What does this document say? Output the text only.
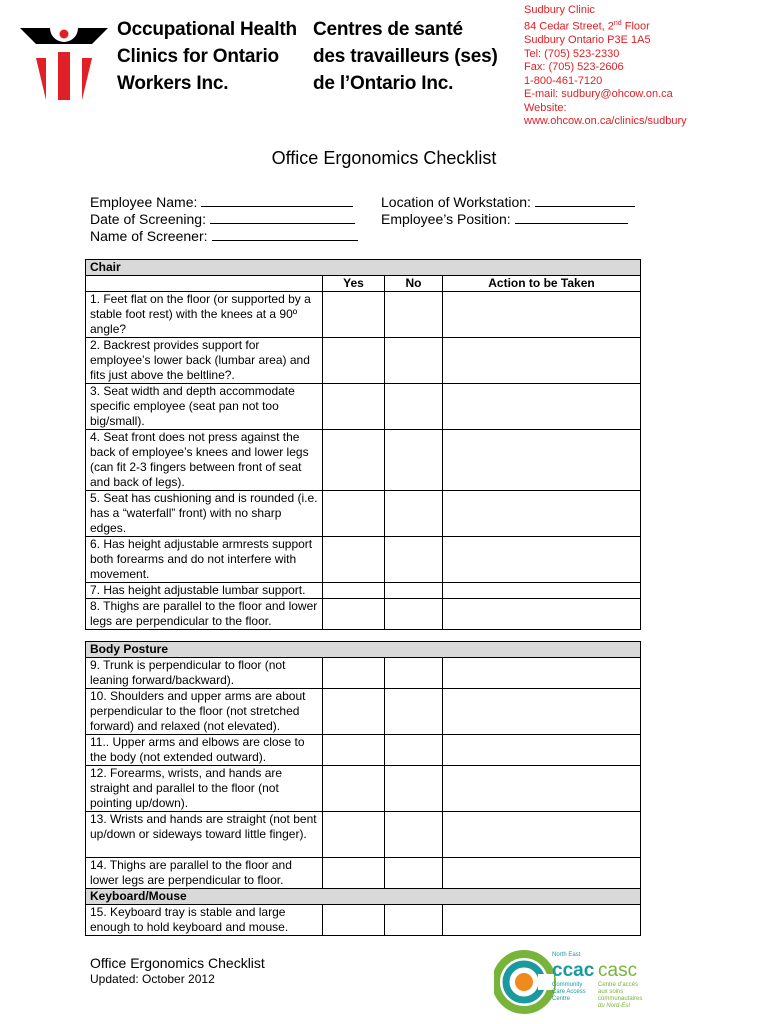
Occupational Health
Clinics for Ontario
Workers Inc.
Centres de santé
des travailleurs (ses)
de l’Ontario Inc.
Sudbury Clinic
84 Cedar Street, 2nd Floor
Sudbury Ontario P3E 1A5
Tel: (705) 523-2330
Fax: (705) 523-2606
1-800-461-7120
E-mail: sudbury@ohcow.on.ca
Website:
www.ohcow.on.ca/clinics/sudbury
Office Ergonomics Checklist
Employee Name:
Date of Screening:
Name of Screener:
Location of Workstation:
Employee’s Position:
Chair			
	Yes	No	Action to be Taken
1. Feet flat on the floor (or supported by a stable foot rest) with the knees at a 90º angle?			
2. Backrest provides support for employee’s lower back (lumbar area) and fits just above the beltline?.			
3. Seat width and depth accommodate specific employee (seat pan not too big/small).			
4. Seat front does not press against the back of employee’s knees and lower legs (can fit 2-3 fingers between front of seat and back of legs).			
5. Seat has cushioning and is rounded (i.e. has a “waterfall” front) with no sharp edges.			
6. Has height adjustable armrests support both forearms and do not interfere with movement.			
7. Has height adjustable lumbar support.			
8. Thighs are parallel to the floor and lower legs are perpendicular to the floor.			
Body Posture			
9. Trunk is perpendicular to floor (not leaning forward/backward).			
10. Shoulders and upper arms are about perpendicular to the floor (not stretched forward) and relaxed (not elevated).			
11.. Upper arms and elbows are close to the body (not extended outward).			
12. Forearms, wrists, and hands are straight and parallel to the floor (not pointing up/down).			
13. Wrists and hands are straight (not bent up/down or sideways toward little finger).			
14. Thighs are parallel to the floor and lower legs are perpendicular to floor.			
Keyboard/Mouse			
15. Keyboard tray is stable and large enough to hold keyboard and mouse.			
Office Ergonomics Checklist
Updated: October 2012
North East
ccac casc
Community
Care Access
Centre
Centre d’accès
aux soins
communautaires
du Nord-Est
